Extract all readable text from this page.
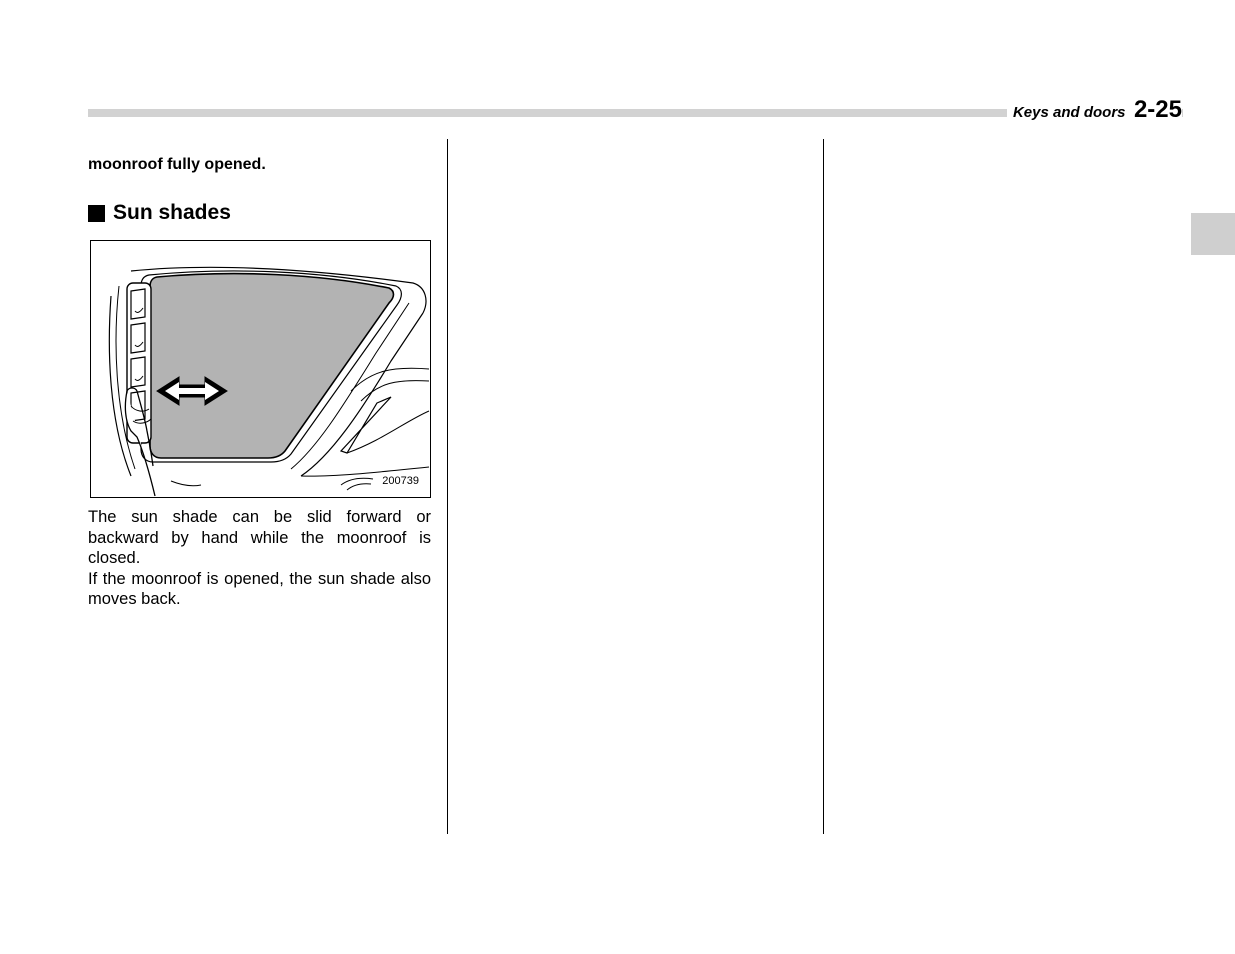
Keys and doors 2-25

moonroof fully opened.

Sun shades
200739

The sun shade can be slid forward or backward by hand while the moonroof is closed.

If the moonroof is opened, the sun shade also moves back.
